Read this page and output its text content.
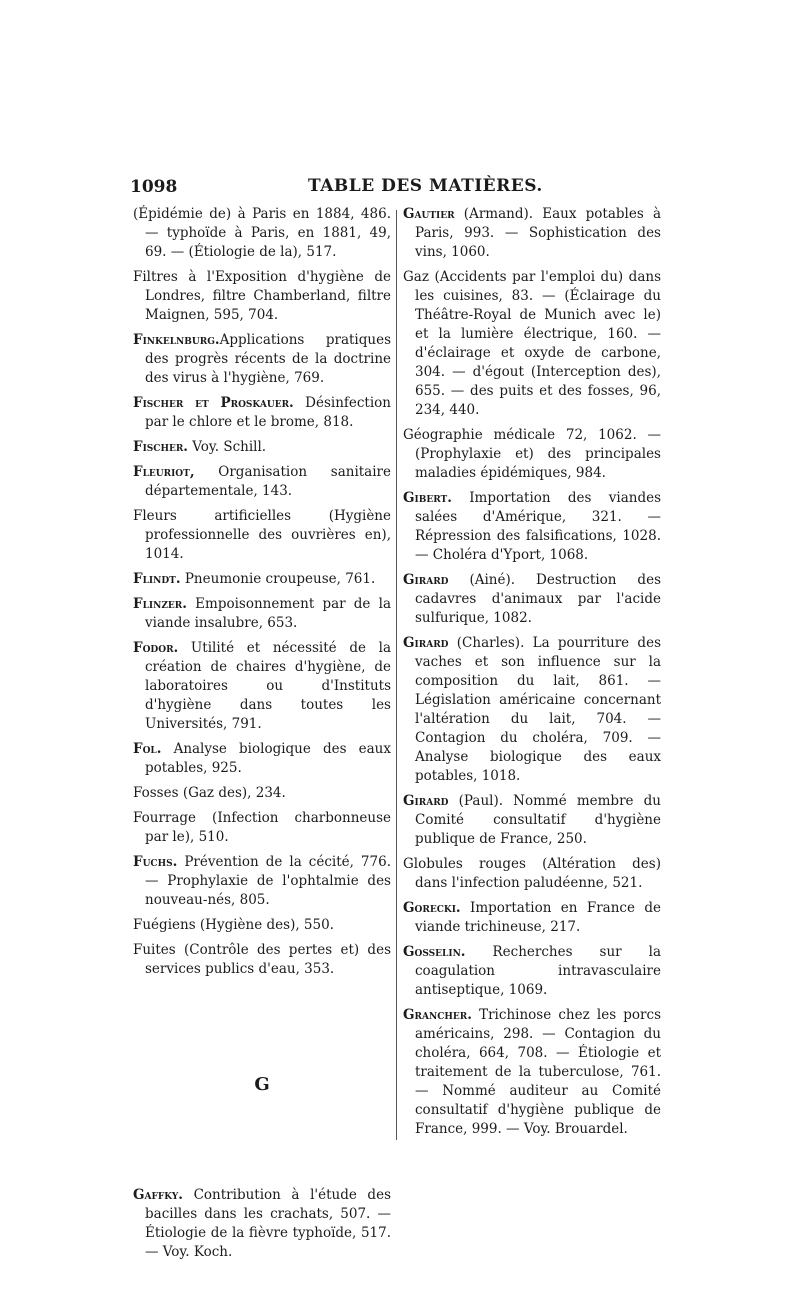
1098	TABLE DES MATIÈRES.

(Épidémie de) à Paris en 1884, 486. — typhoïde à Paris, en 1881, 49, 69. — (Étiologie de la), 517.

Filtres à l'Exposition d'hygiène de Londres, filtre Chamberland, filtre Maignen, 595, 704.

Finkelnburg.Applications pratiques des progrès récents de la doctrine des virus à l'hygiène, 769.

Fischer et Proskauer. Désinfection par le chlore et le brome, 818.

Fischer. Voy. Schill.

Fleuriot, Organisation sanitaire départementale, 143.

Fleurs artificielles (Hygiène professionnelle des ouvrières en), 1014.

Flindt. Pneumonie croupeuse, 761.

Flinzer. Empoisonnement par de la viande insalubre, 653.

Fodor. Utilité et nécessité de la création de chaires d'hygiène, de laboratoires ou d'Instituts d'hygiène dans toutes les Universités, 791.

Fol. Analyse biologique des eaux potables, 925.

Fosses (Gaz des), 234.

Fourrage (Infection charbonneuse par le), 510.

Fuchs. Prévention de la cécité, 776. — Prophylaxie de l'ophtalmie des nouveau-nés, 805.

Fuégiens (Hygiène des), 550.

Fuites (Contrôle des pertes et) des services publics d'eau, 353.

G

Gaffky. Contribution à l'étude des bacilles dans les crachats, 507. — Étiologie de la fièvre typhoïde, 517. — Voy. Koch.

Gautier (Armand). Eaux potables à Paris, 993. — Sophistication des vins, 1060.

Gaz (Accidents par l'emploi du) dans les cuisines, 83. — (Éclairage du Théâtre-Royal de Munich avec le) et la lumière électrique, 160. — d'éclairage et oxyde de carbone, 304. — d'égout (Interception des), 655. — des puits et des fosses, 96, 234, 440.

Géographie médicale 72, 1062. — (Prophylaxie et) des principales maladies épidémiques, 984.

Gibert. Importation des viandes salées d'Amérique, 321. — Répression des falsifications, 1028. — Choléra d'Yport, 1068.

Girard (Ainé). Destruction des cadavres d'animaux par l'acide sulfurique, 1082.

Girard (Charles). La pourriture des vaches et son influence sur la composition du lait, 861. — Législation américaine concernant l'altération du lait, 704. — Contagion du choléra, 709. — Analyse biologique des eaux potables, 1018.

Girard (Paul). Nommé membre du Comité consultatif d'hygiène publique de France, 250.

Globules rouges (Altération des) dans l'infection paludéenne, 521.

Gorecki. Importation en France de viande trichineuse, 217.

Gosselin. Recherches sur la coagulation intravasculaire antiseptique, 1069.

Grancher. Trichinose chez les porcs américains, 298. — Contagion du choléra, 664, 708. — Étiologie et traitement de la tuberculose, 761. — Nommé auditeur au Comité consultatif d'hygiène publique de France, 999. — Voy. Brouardel.
